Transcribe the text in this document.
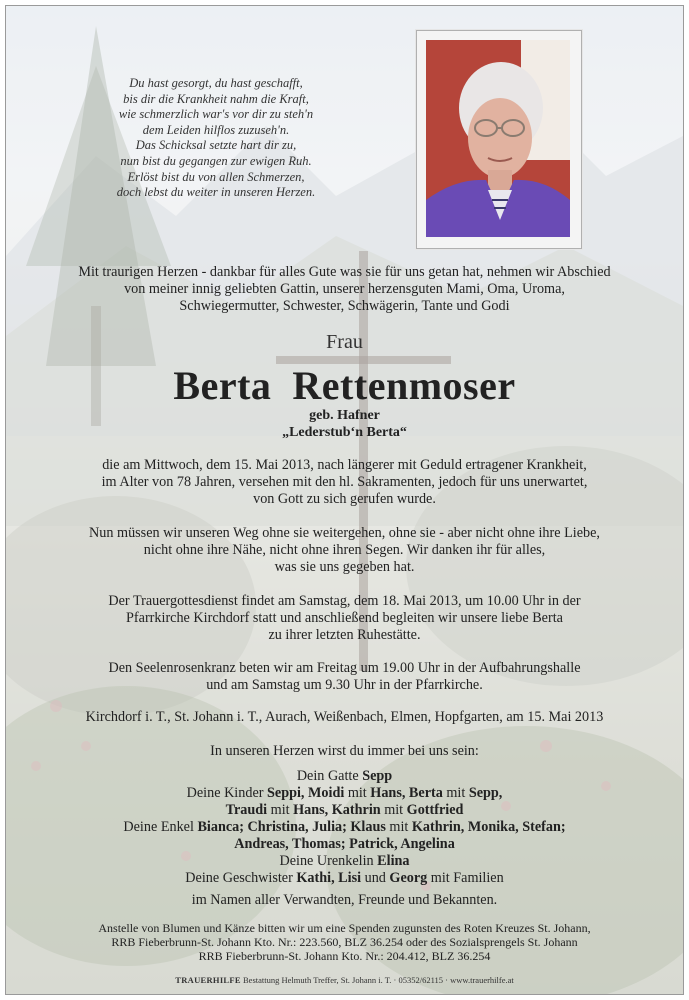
Du hast gesorgt, du hast geschafft,
bis dir die Krankheit nahm die Kraft,
wie schmerzlich war's vor dir zu steh'n
dem Leiden hilflos zuzuseh'n.
Das Schicksal setzte hart dir zu,
nun bist du gegangen zur ewigen Ruh.
Erlöst bist du von allen Schmerzen,
doch lebst du weiter in unseren Herzen.
Mit traurigen Herzen - dankbar für alles Gute was sie für uns getan hat, nehmen wir Abschied
von meiner innig geliebten Gattin, unserer herzensguten Mami, Oma, Uroma,
Schwiegermutter, Schwester, Schwägerin, Tante und Godi
Frau
Berta  Rettenmoser
geb. Hafner
„Lederstub‘n Berta“
die am Mittwoch, dem 15. Mai 2013, nach längerer mit Geduld ertragener Krankheit,
im Alter von 78 Jahren, versehen mit den hl. Sakramenten, jedoch für uns unerwartet,
von Gott zu sich gerufen wurde.
Nun müssen wir unseren Weg ohne sie weitergehen, ohne sie - aber nicht ohne ihre Liebe,
nicht ohne ihre Nähe, nicht ohne ihren Segen. Wir danken ihr für alles,
was sie uns gegeben hat.
Der Trauergottesdienst findet am Samstag, dem 18. Mai 2013, um 10.00 Uhr in der
Pfarrkirche Kirchdorf statt und anschließend begleiten wir unsere liebe Berta
zu ihrer letzten Ruhestätte.
Den Seelenrosenkranz beten wir am Freitag um 19.00 Uhr in der Aufbahrungshalle
und am Samstag um 9.30 Uhr in der Pfarrkirche.
Kirchdorf i. T., St. Johann i. T., Aurach, Weißenbach, Elmen, Hopfgarten, am 15. Mai 2013
In unseren Herzen wirst du immer bei uns sein:
Dein Gatte Sepp
Deine Kinder Seppi, Moidi mit Hans, Berta mit Sepp,
Traudi mit Hans, Kathrin mit Gottfried
Deine Enkel Bianca; Christina, Julia; Klaus mit Kathrin, Monika, Stefan;
Andreas, Thomas; Patrick, Angelina
Deine Urenkelin Elina
Deine Geschwister Kathi, Lisi und Georg mit Familien
im Namen aller Verwandten, Freunde und Bekannten.
Anstelle von Blumen und Känze bitten wir um eine Spenden zugunsten des Roten Kreuzes St. Johann,
RRB Fieberbrunn-St. Johann Kto. Nr.: 223.560, BLZ 36.254 oder des Sozialsprengels St. Johann
RRB Fieberbrunn-St. Johann Kto. Nr.: 204.412, BLZ 36.254
TRAUERHILFE Bestattung Helmuth Treffer, St. Johann i. T. · 05352/62115 · www.trauerhilfe.at
